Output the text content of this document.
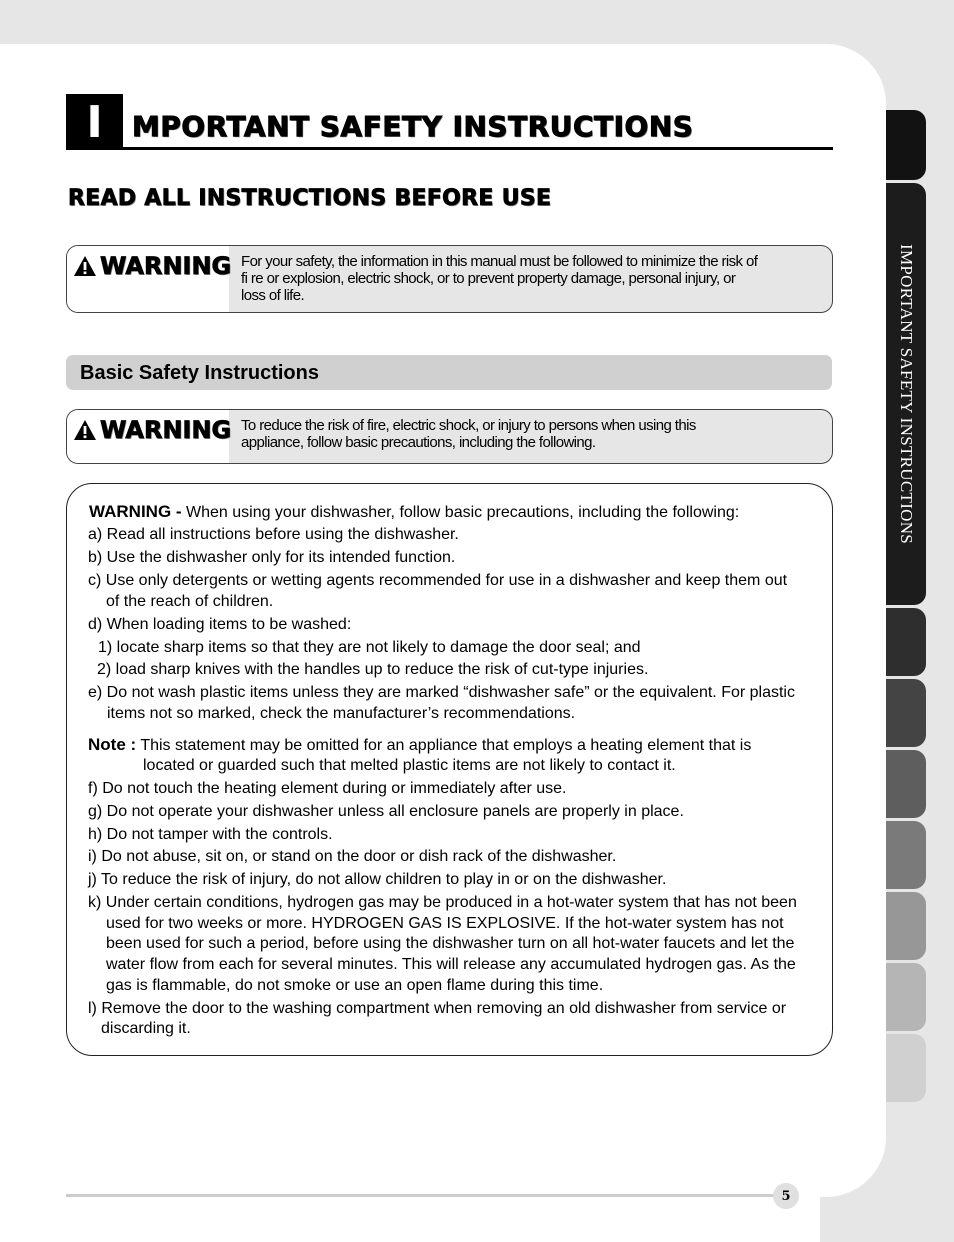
IMPORTANT SAFETY INSTRUCTIONS
I	MPORTANT SAFETY INSTRUCTIONS
READ ALL INSTRUCTIONS BEFORE USE
WARNING For your safety, the information in this manual must be followed to minimize the risk of
fi re or explosion, electric shock, or to prevent property damage, personal injury, or
loss of life.
Basic Safety Instructions
WARNING To reduce the risk of fire, electric shock, or injury to persons when using this
appliance, follow basic precautions, including the following.
WARNING - When using your dishwasher, follow basic precautions, including the following:
a) Read all instructions before using the dishwasher.
b) Use the dishwasher only for its intended function.
c) Use only detergents or wetting agents recommended for use in a dishwasher and keep them out
of the reach of children.
d) When loading items to be washed:
1) locate sharp items so that they are not likely to damage the door seal; and
2) load sharp knives with the handles up to reduce the risk of cut-type injuries.
e) Do not wash plastic items unless they are marked “dishwasher safe” or the equivalent. For plastic
items not so marked, check the manufacturer’s recommendations.
Note : This statement may be omitted for an appliance that employs a heating element that is
located or guarded such that melted plastic items are not likely to contact it.
f) Do not touch the heating element during or immediately after use.
g) Do not operate your dishwasher unless all enclosure panels are properly in place.
h) Do not tamper with the controls.
i) Do not abuse, sit on, or stand on the door or dish rack of the dishwasher.
j) To reduce the risk of injury, do not allow children to play in or on the dishwasher.
k) Under certain conditions, hydrogen gas may be produced in a hot-water system that has not been
used for two weeks or more. HYDROGEN GAS IS EXPLOSIVE. If the hot-water system has not
been used for such a period, before using the dishwasher turn on all hot-water faucets and let the
water flow from each for several minutes. This will release any accumulated hydrogen gas. As the
gas is flammable, do not smoke or use an open flame during this time.
l) Remove the door to the washing compartment when removing an old dishwasher from service or
discarding it.
5
